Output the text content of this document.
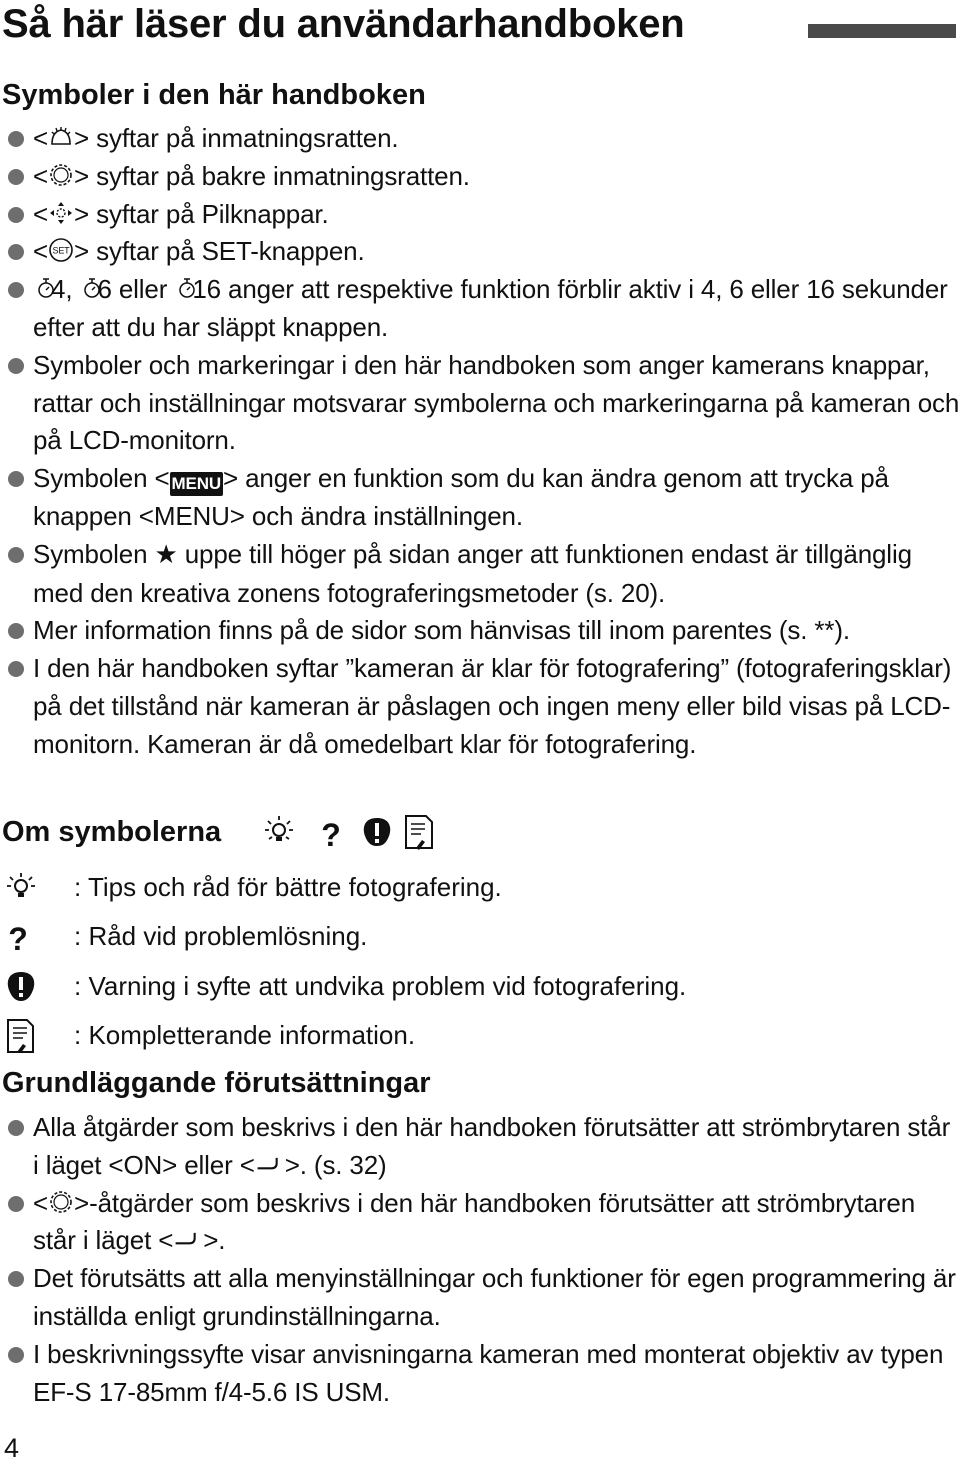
Så här läser du användarhandboken
Symboler i den här handboken
< > syftar på inmatningsratten.
< > syftar på bakre inmatningsratten.
< > syftar på Pilknappar.
< SET > syftar på SET-knappen.
4, 6 eller 16 anger att respektive funktion förblir aktiv i 4, 6 eller 16 sekunder efter att du har släppt knappen.
Symboler och markeringar i den här handboken som anger kamerans knappar, rattar och inställningar motsvarar symbolerna och markeringarna på kameran och på LCD-monitorn.
Symbolen < MENU> anger en funktion som du kan ändra genom att trycka på knappen <MENU> och ändra inställningen.
Symbolen ★ uppe till höger på sidan anger att funktionen endast är tillgänglig med den kreativa zonens fotograferingsmetoder (s. 20).
Mer information finns på de sidor som hänvisas till inom parentes (s. **).
I den här handboken syftar ”kameran är klar för fotografering” (fotograferingsklar) på det tillstånd när kameran är påslagen och ingen meny eller bild visas på LCD-monitorn. Kameran är då omedelbart klar för fotografering.
Om symbolerna	?
: Tips och råd för bättre fotografering.
? : Råd vid problemlösning.
: Varning i syfte att undvika problem vid fotografering.
: Kompletterande information.
Grundläggande förutsättningar
Alla åtgärder som beskrivs i den här handboken förutsätter att strömbrytaren står i läget <ON> eller < >. (s. 32)
< >-åtgärder som beskrivs i den här handboken förutsätter att strömbrytaren står i läget < >.
Det förutsätts att alla menyinställningar och funktioner för egen programmering är inställda enligt grundinställningarna.
I beskrivningssyfte visar anvisningarna kameran med monterat objektiv av typen EF-S 17-85mm f/4-5.6 IS USM.
4
